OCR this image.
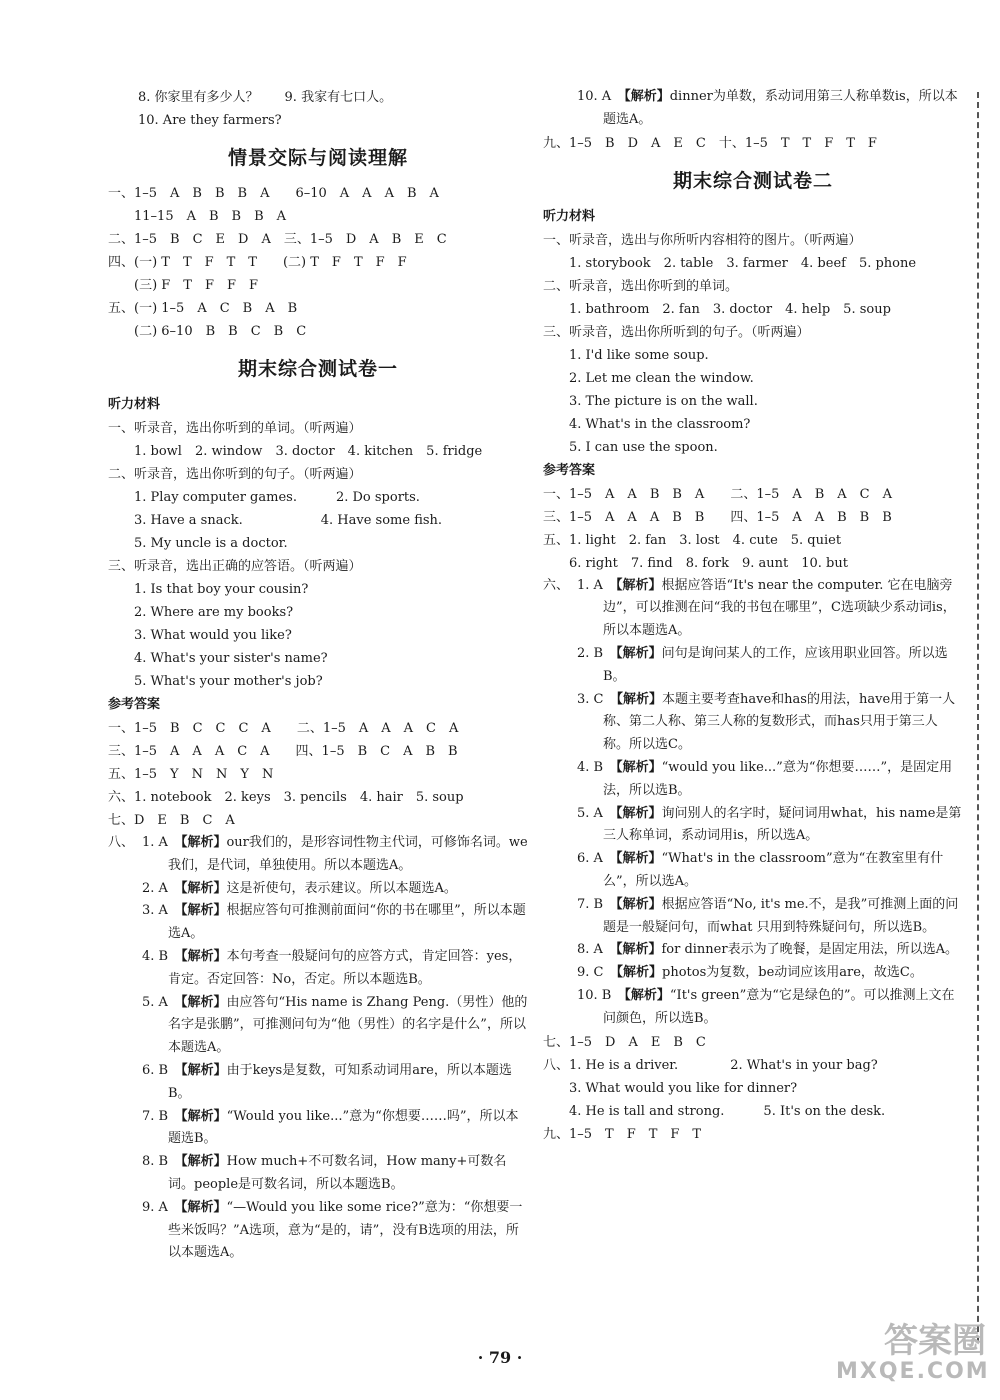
8. 你家里有多少人？　　9. 我家有七口人。
10. Are they farmers?
情景交际与阅读理解
一、1–5　A　B　B　B　A　　6–10　A　A　A　B　A
　　11–15　A　B　B　B　A
二、1–5　B　C　E　D　A　三、1–5　D　A　B　E　C
四、(一) T　T　F　T　T　　(二) T　F　T　F　F
　　(三) F　T　F　F　F
五、(一) 1–5　A　C　B　A　B
　　(二) 6–10　B　B　C　B　C
期末综合测试卷一
听力材料
一、听录音，选出你听到的单词。（听两遍）
　　1. bowl　2. window　3. doctor　4. kitchen　5. fridge
二、听录音，选出你听到的句子。（听两遍）
　　1. Play computer games.　　　2. Do sports.
　　3. Have a snack.　　　　　　4. Have some fish.
　　5. My uncle is a doctor.
三、听录音，选出正确的应答语。（听两遍）
　　1. Is that boy your cousin?
　　2. Where are my books?
　　3. What would you like?
　　4. What's your sister's name?
　　5. What's your mother's job?
参考答案
一、1–5　B　C　C　C　A　　二、1–5　A　A　A　C　A
三、1–5　A　A　A　C　A　　四、1–5　B　C　A　B　B
五、1–5　Y　N　N　Y　N
六、1. notebook　2. keys　3. pencils　4. hair　5. soup
七、D　E　B　C　A
八、 1. A　 【解析】our我们的，是形容词性物主代词，可修饰名词。we我们，是代词，单独使用。所以本题选A。
2. A　 【解析】这是祈使句，表示建议。所以本题选A。
3. A　 【解析】根据应答句可推测前面问“你的书在哪里”，所以本题选A。
4. B　 【解析】本句考查一般疑问句的应答方式，肯定回答：yes，肯定。否定回答：No，否定。所以本题选B。
5. A　 【解析】由应答句“His name is Zhang Peng.（男性）他的名字是张鹏”，可推测问句为“他（男性）的名字是什么”，所以本题选A。
6. B　 【解析】由于keys是复数，可知系动词用are，所以本题选B。
7. B　 【解析】“Would you like...”意为“你想要……吗”，所以本题选B。
8. B　 【解析】How much+不可数名词，How many+可数名词。people是可数名词，所以本题选B。
9. A　 【解析】“—Would you like some rice?”意为：“你想要一些米饭吗？”A选项，意为“是的，请”，没有B选项的用法，所以本题选A。
10. A　 【解析】dinner为单数，系动词用第三人称单数is，所以本题选A。
九、1–5　B　D　A　E　C　十、1–5　T　T　F　T　F
期末综合测试卷二
听力材料
一、听录音，选出与你所听内容相符的图片。（听两遍）
　　1. storybook　2. table　3. farmer　4. beef　5. phone
二、听录音，选出你听到的单词。
　　1. bathroom　2. fan　3. doctor　4. help　5. soup
三、听录音，选出你所听到的句子。（听两遍）
　　1. I'd like some soup.
　　2. Let me clean the window.
　　3. The picture is on the wall.
　　4. What's in the classroom?
　　5. I can use the spoon.
参考答案
一、1–5　A　A　B　B　A　　二、1–5　A　B　A　C　A
三、1–5　A　A　A　B　B　　四、1–5　A　A　B　B　B
五、1. light　2. fan　3. lost　4. cute　5. quiet
　　6. right　7. find　8. fork　9. aunt　10. but
六、 1. A　 【解析】根据应答语“It's near the computer. 它在电脑旁边”，可以推测在问“我的书包在哪里”，C选项缺少系动词is，所以本题选A。
2. B　 【解析】问句是询问某人的工作，应该用职业回答。所以选B。
3. C　 【解析】本题主要考查have和has的用法，have用于第一人称、第二人称、第三人称的复数形式，而has只用于第三人称。所以选C。
4. B　 【解析】“would you like...”意为“你想要……”，是固定用法，所以选B。
5. A　 【解析】询问别人的名字时，疑问词用what，his name是第三人称单词，系动词用is，所以选A。
6. A　 【解析】“What's in the classroom”意为“在教室里有什么”，所以选A。
7. B　 【解析】根据应答语“No, it's me.不，是我”可推测上面的问题是一般疑问句，而what 只用到特殊疑问句，所以选B。
8. A　 【解析】for dinner表示为了晚餐，是固定用法，所以选A。
9. C　 【解析】photos为复数，be动词应该用are，故选C。
10. B　 【解析】“It's green”意为“它是绿色的”。可以推测上文在问颜色，所以选B。
七、1–5　D　A　E　B　C
八、1. He is a driver.　　　　2. What's in your bag?
　　3. What would you like for dinner?
　　4. He is tall and strong.　　　5. It's on the desk.
九、1–5　T　F　T　F　T
· 79 ·	答案圈
MXQE.COM
